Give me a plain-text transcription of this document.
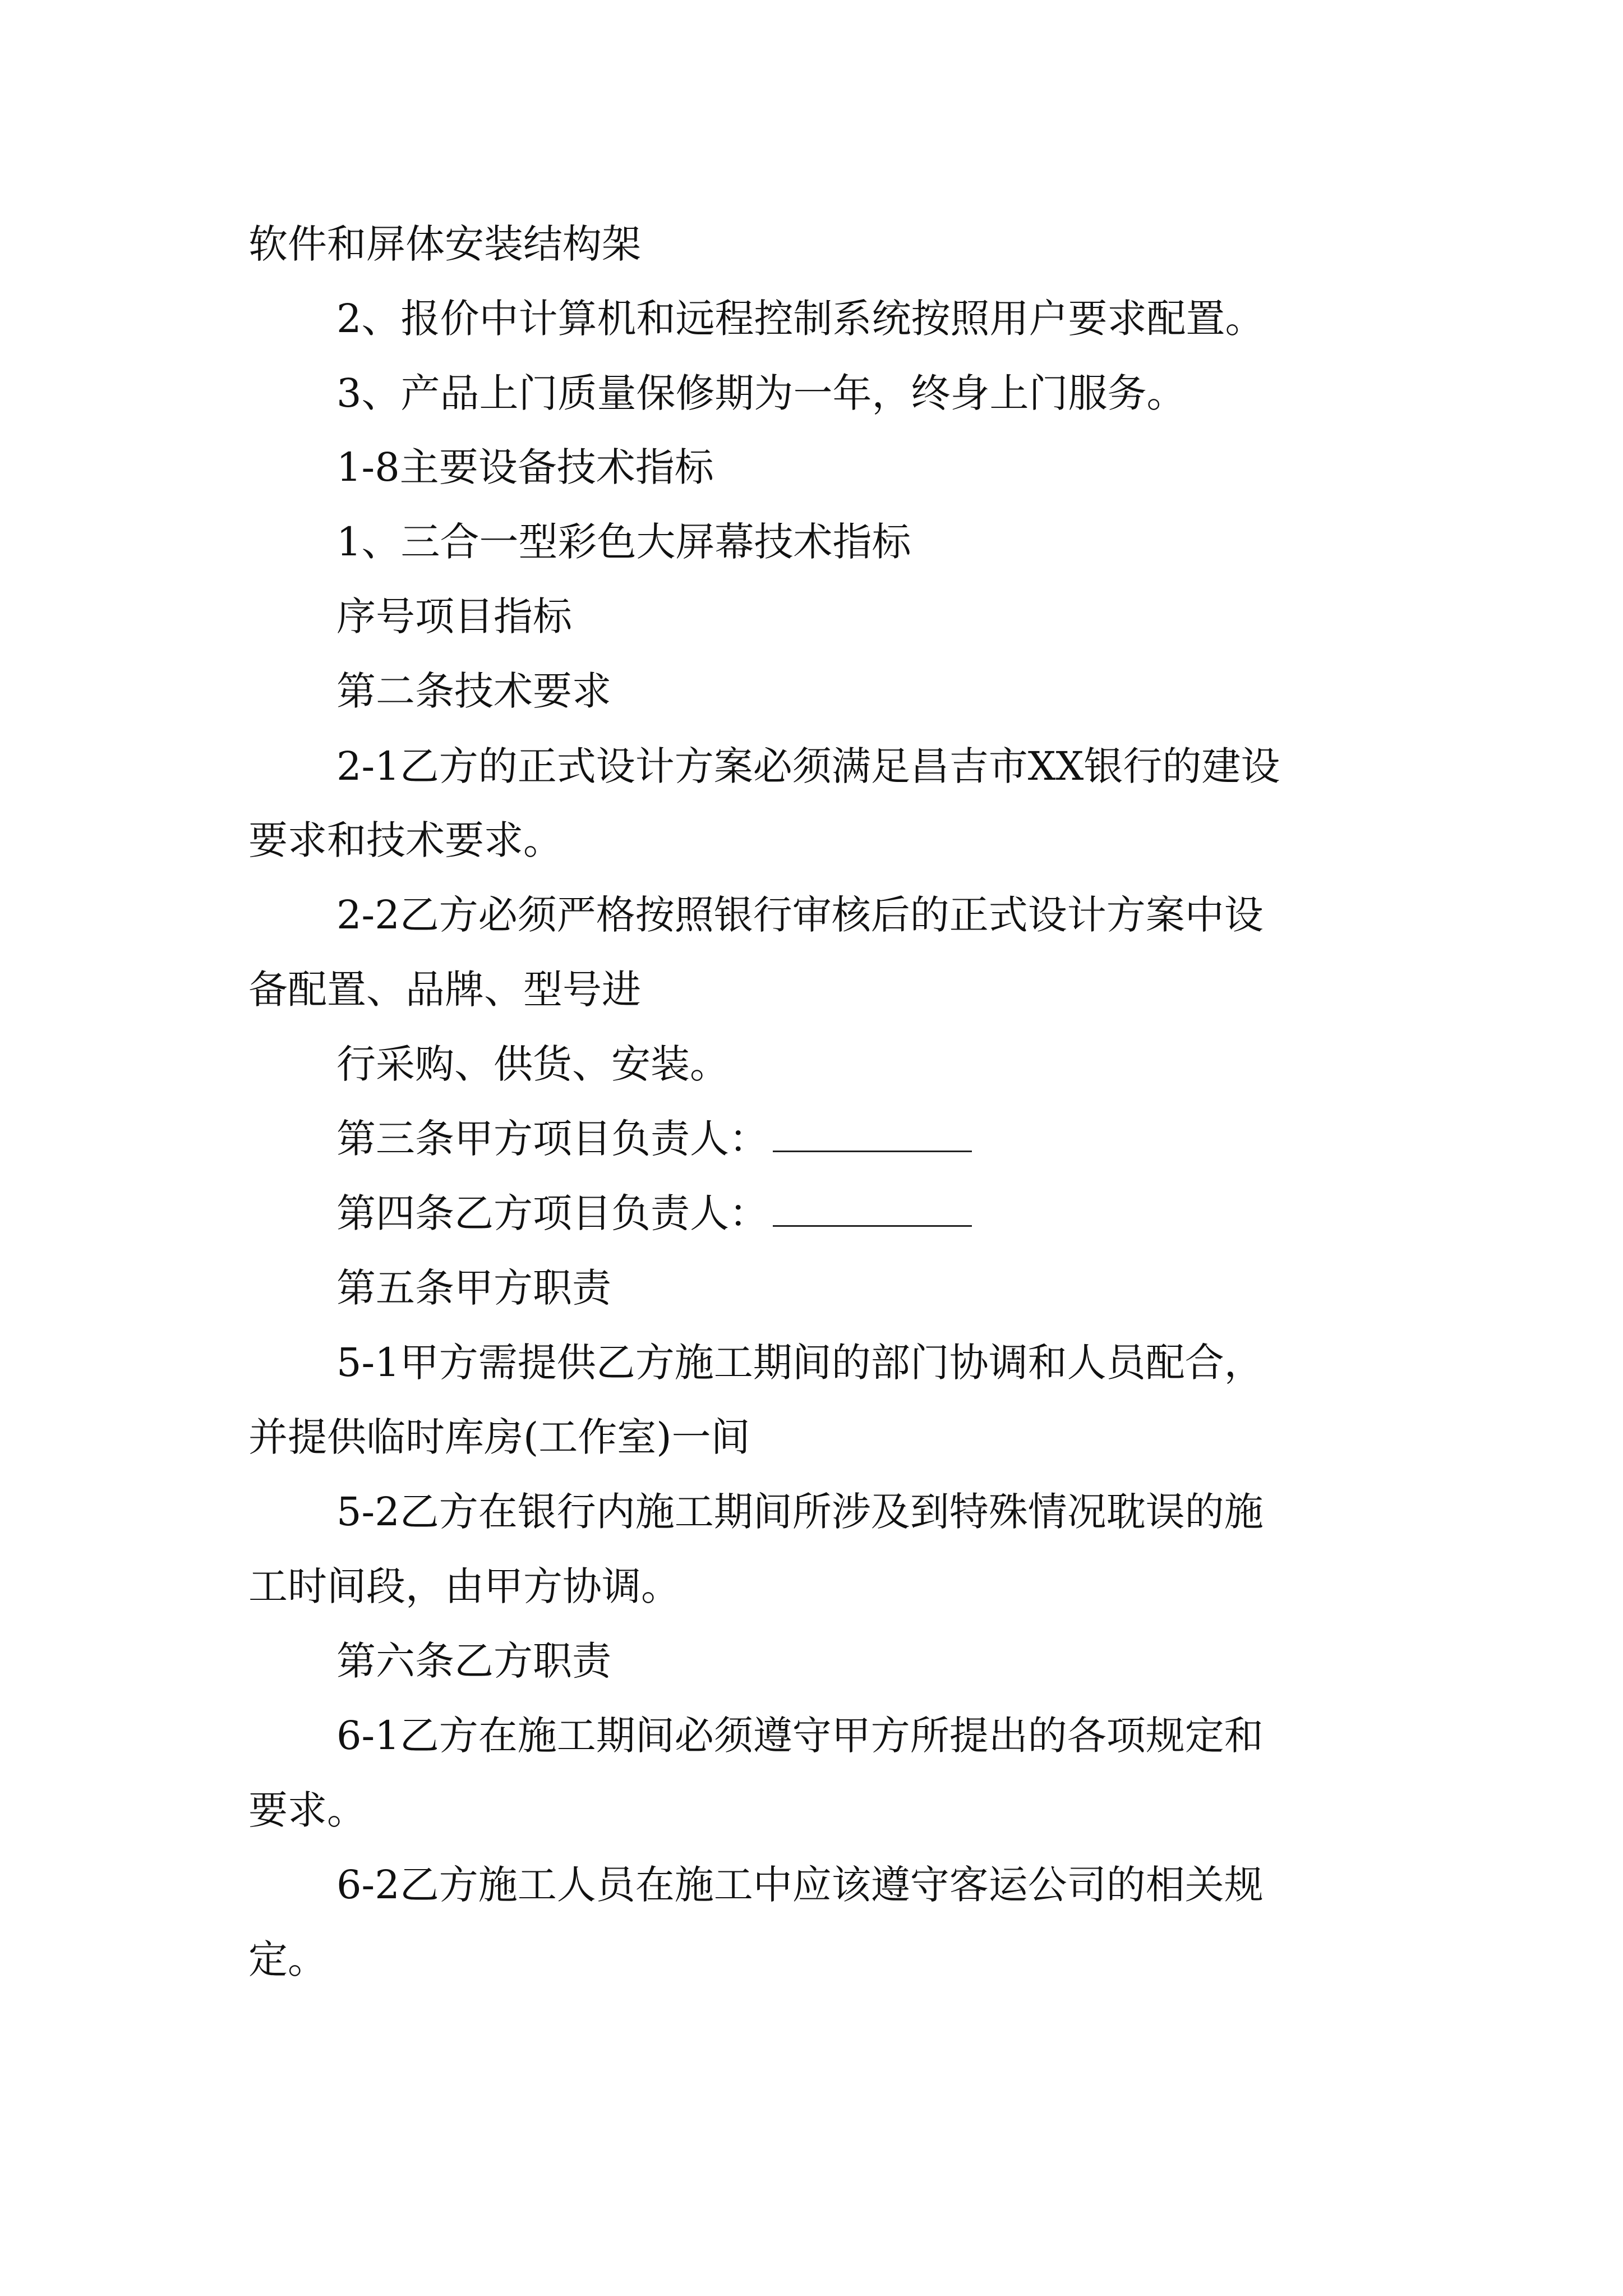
软件和屏体安装结构架
2、报价中计算机和远程控制系统按照用户要求配置。
3、产品上门质量保修期为一年，终身上门服务。
1-8主要设备技术指标
1、三合一型彩色大屏幕技术指标
序号项目指标
第二条技术要求
2-1乙方的正式设计方案必须满足昌吉市XX银行的建设
要求和技术要求。
2-2乙方必须严格按照银行审核后的正式设计方案中设
备配置、品牌、型号进
行采购、供货、安装。
第三条甲方项目负责人：
第四条乙方项目负责人：
第五条甲方职责
5-1甲方需提供乙方施工期间的部门协调和人员配合，
并提供临时库房(工作室)一间
5-2乙方在银行内施工期间所涉及到特殊情况耽误的施
工时间段，由甲方协调。
第六条乙方职责
6-1乙方在施工期间必须遵守甲方所提出的各项规定和
要求。
6-2乙方施工人员在施工中应该遵守客运公司的相关规
定。
